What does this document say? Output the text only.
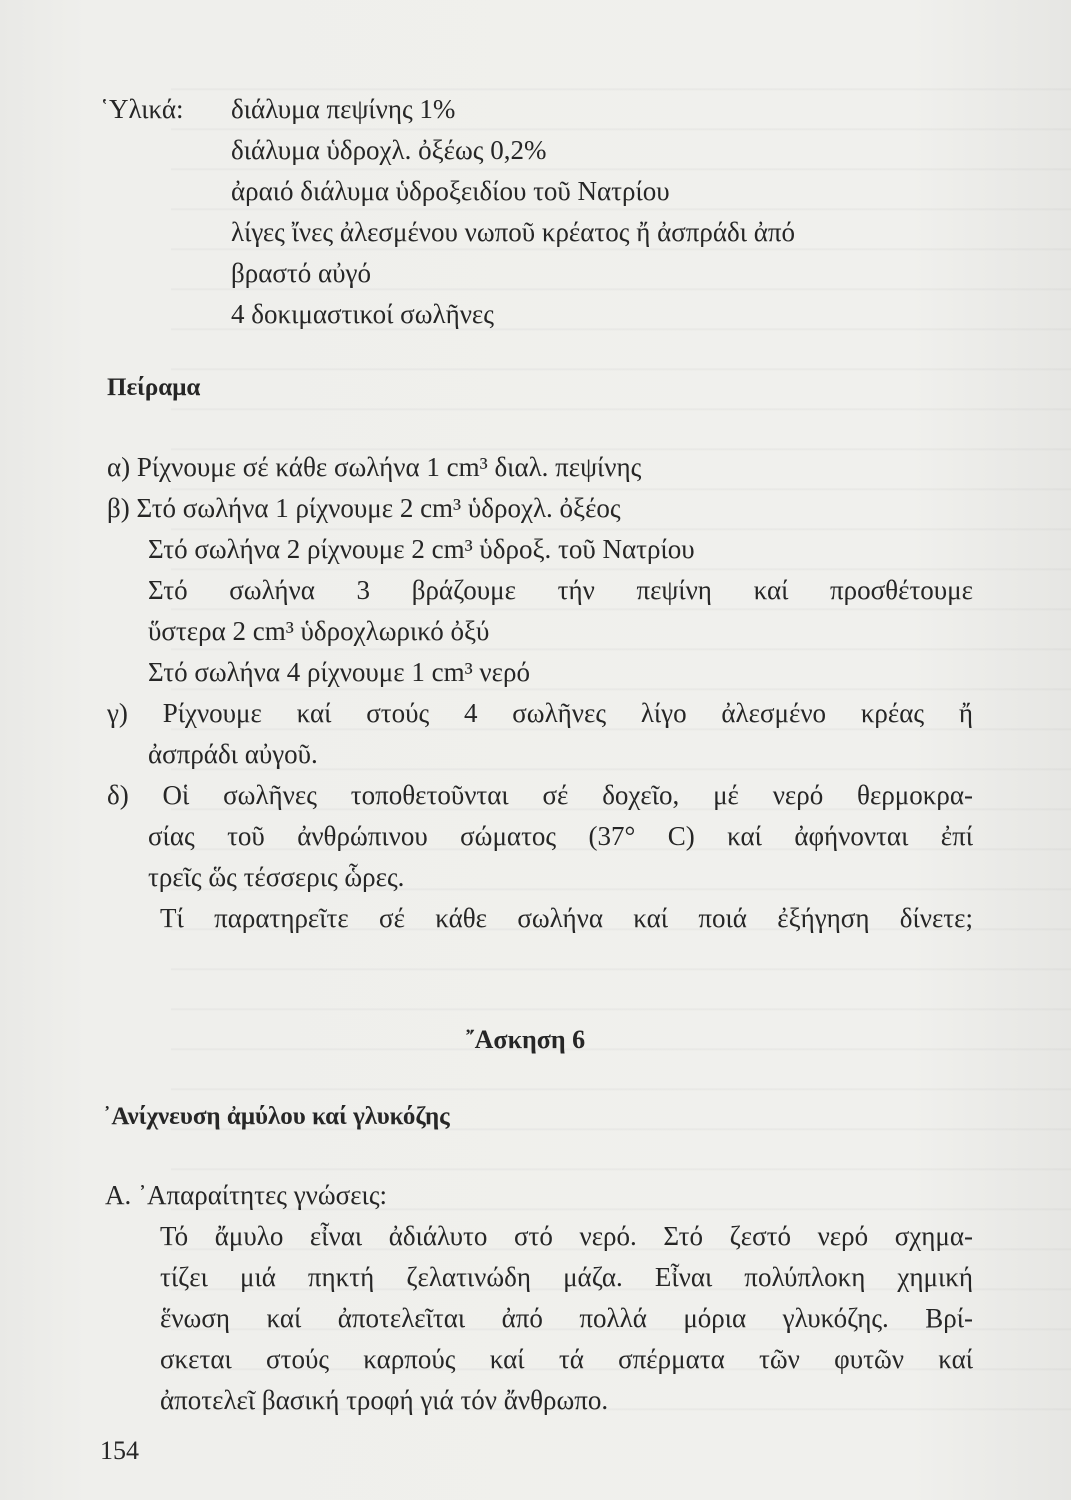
῾Υλικά: διάλυμα πεψίνης 1%
διάλυμα ὑδροχλ. ὀξέως 0,2%
ἀραιό διάλυμα ὑδροξειδίου τοῦ Νατρίου
λίγες ἴνες ἀλεσμένου νωποῦ κρέατος ἤ ἀσπράδι ἀπό
βραστό αὐγό
4 δοκιμαστικοί σωλῆνες
Πείραμα
α) Ρίχνουμε σέ κάθε σωλήνα 1 cm³ διαλ. πεψίνης
β) Στό σωλήνα 1 ρίχνουμε 2 cm³ ὑδροχλ. ὀξέος
Στό σωλήνα 2 ρίχνουμε 2 cm³ ὑδροξ. τοῦ Νατρίου
Στό σωλήνα 3 βράζουμε τήν πεψίνη καί προσθέτουμε
ὕστερα 2 cm³ ὑδροχλωρικό ὀξύ
Στό σωλήνα 4 ρίχνουμε 1 cm³ νερό
γ) Ρίχνουμε καί στούς 4 σωλῆνες λίγο ἀλεσμένο κρέας ἤ
ἀσπράδι αὐγοῦ.
δ) Οἱ σωλῆνες τοποθετοῦνται σέ δοχεῖο, μέ νερό θερμοκρα-
σίας τοῦ ἀνθρώπινου σώματος (37° C) καί ἀφήνονται ἐπί
τρεῖς ὥς τέσσερις ὧρες.
Τί παρατηρεῖτε σέ κάθε σωλήνα καί ποιά ἐξήγηση δίνετε;
῎Ασκηση 6
᾿Ανίχνευση ἀμύλου καί γλυκόζης
Α. ᾿Απαραίτητες γνώσεις:
Τό ἄμυλο εἶναι ἀδιάλυτο στό νερό. Στό ζεστό νερό σχημα-
τίζει μιά πηκτή ζελατινώδη μάζα. Εἶναι πολύπλοκη χημική
ἕνωση καί ἀποτελεῖται ἀπό πολλά μόρια γλυκόζης. Βρί-
σκεται στούς καρπούς καί τά σπέρματα τῶν φυτῶν καί
ἀποτελεῖ βασική τροφή γιά τόν ἄνθρωπο.
154
